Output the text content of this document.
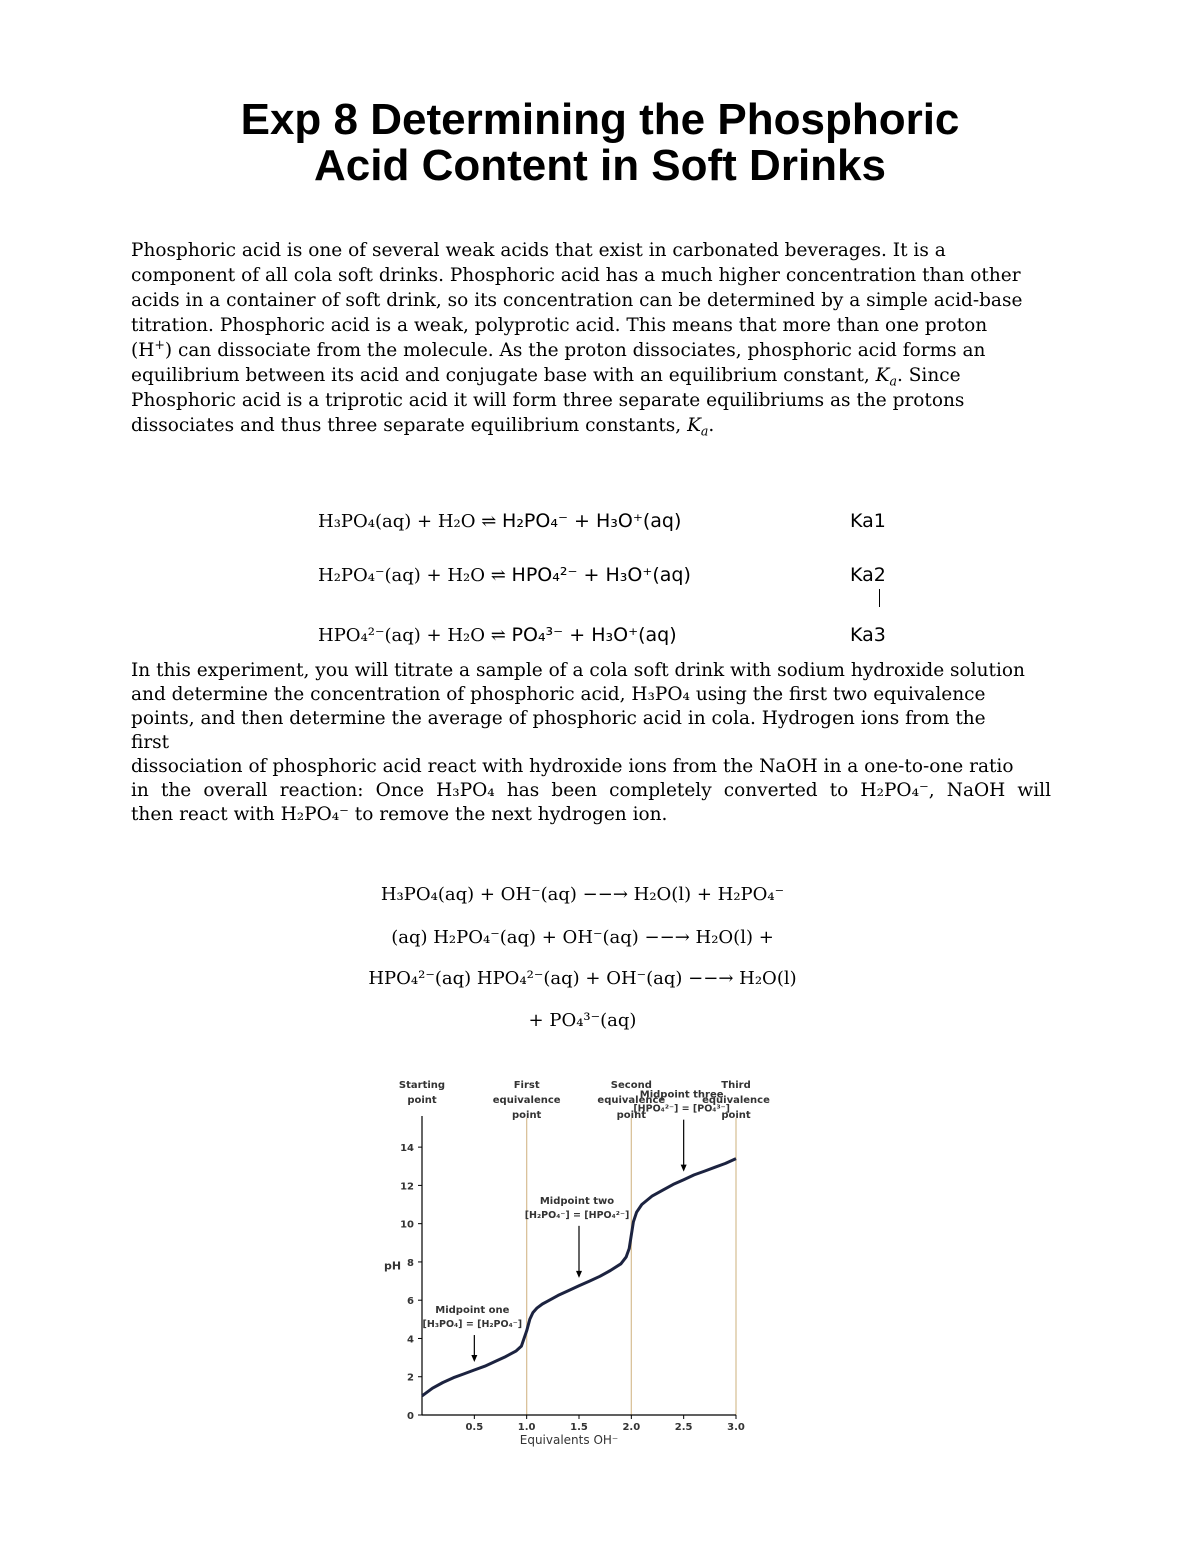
Exp 8 Determining the Phosphoric
Acid Content in Soft Drinks
Phosphoric acid is one of several weak acids that exist in carbonated beverages. It is a
component of all cola soft drinks. Phosphoric acid has a much higher concentration than other
acids in a container of soft drink, so its concentration can be determined by a simple acid-base
titration. Phosphoric acid is a weak, polyprotic acid. This means that more than one proton
(H+) can dissociate from the molecule. As the proton dissociates, phosphoric acid forms an
equilibrium between its acid and conjugate base with an equilibrium constant, $K_a$. Since
Phosphoric acid is a triprotic acid it will form three separate equilibriums as the protons
dissociates and thus three separate equilibrium constants, $K_a$.
H₃PO₄(aq) + H₂O ⇌ H₂PO₄⁻ + H₃O⁺(aq)	Ka1
H₂PO₄⁻(aq) + H₂O ⇌ HPO₄²⁻ + H₃O⁺(aq)	Ka2
HPO₄²⁻(aq) + H₂O ⇌ PO₄³⁻ + H₃O⁺(aq)	Ka3
In this experiment, you will titrate a sample of a cola soft drink with sodium hydroxide solution
and determine the concentration of phosphoric acid, H₃PO₄ using the first two equivalence
points, and then determine the average of phosphoric acid in cola. Hydrogen ions from the
first
dissociation of phosphoric acid react with hydroxide ions from the NaOH in a one-to-one ratio
in the overall reaction: Once H₃PO₄ has been completely converted to H₂PO₄⁻, NaOH will
then react with H₂PO₄⁻ to remove the next hydrogen ion.
H₃PO₄(aq) + OH⁻(aq) −−→ H₂O(l) + H₂PO₄⁻
(aq) H₂PO₄⁻(aq) + OH⁻(aq) −−→ H₂O(l) +
HPO₄²⁻(aq) HPO₄²⁻(aq) + OH⁻(aq) −−→ H₂O(l)
+ PO₄³⁻(aq)
0
2
4
6
8
10
12
14
0.5	1.0	1.5	2.0	2.5	3.0
Equivalents OH⁻
pH
Starting
point
First
equivalence
point
Second
equivalence
point
Third
equivalence
point
Midpoint one
[H₃PO₄] = [H₂PO₄⁻]
Midpoint two
[H₂PO₄⁻] = [HPO₄²⁻]
Midpoint three
[HPO₄²⁻] = [PO₄³⁻]
